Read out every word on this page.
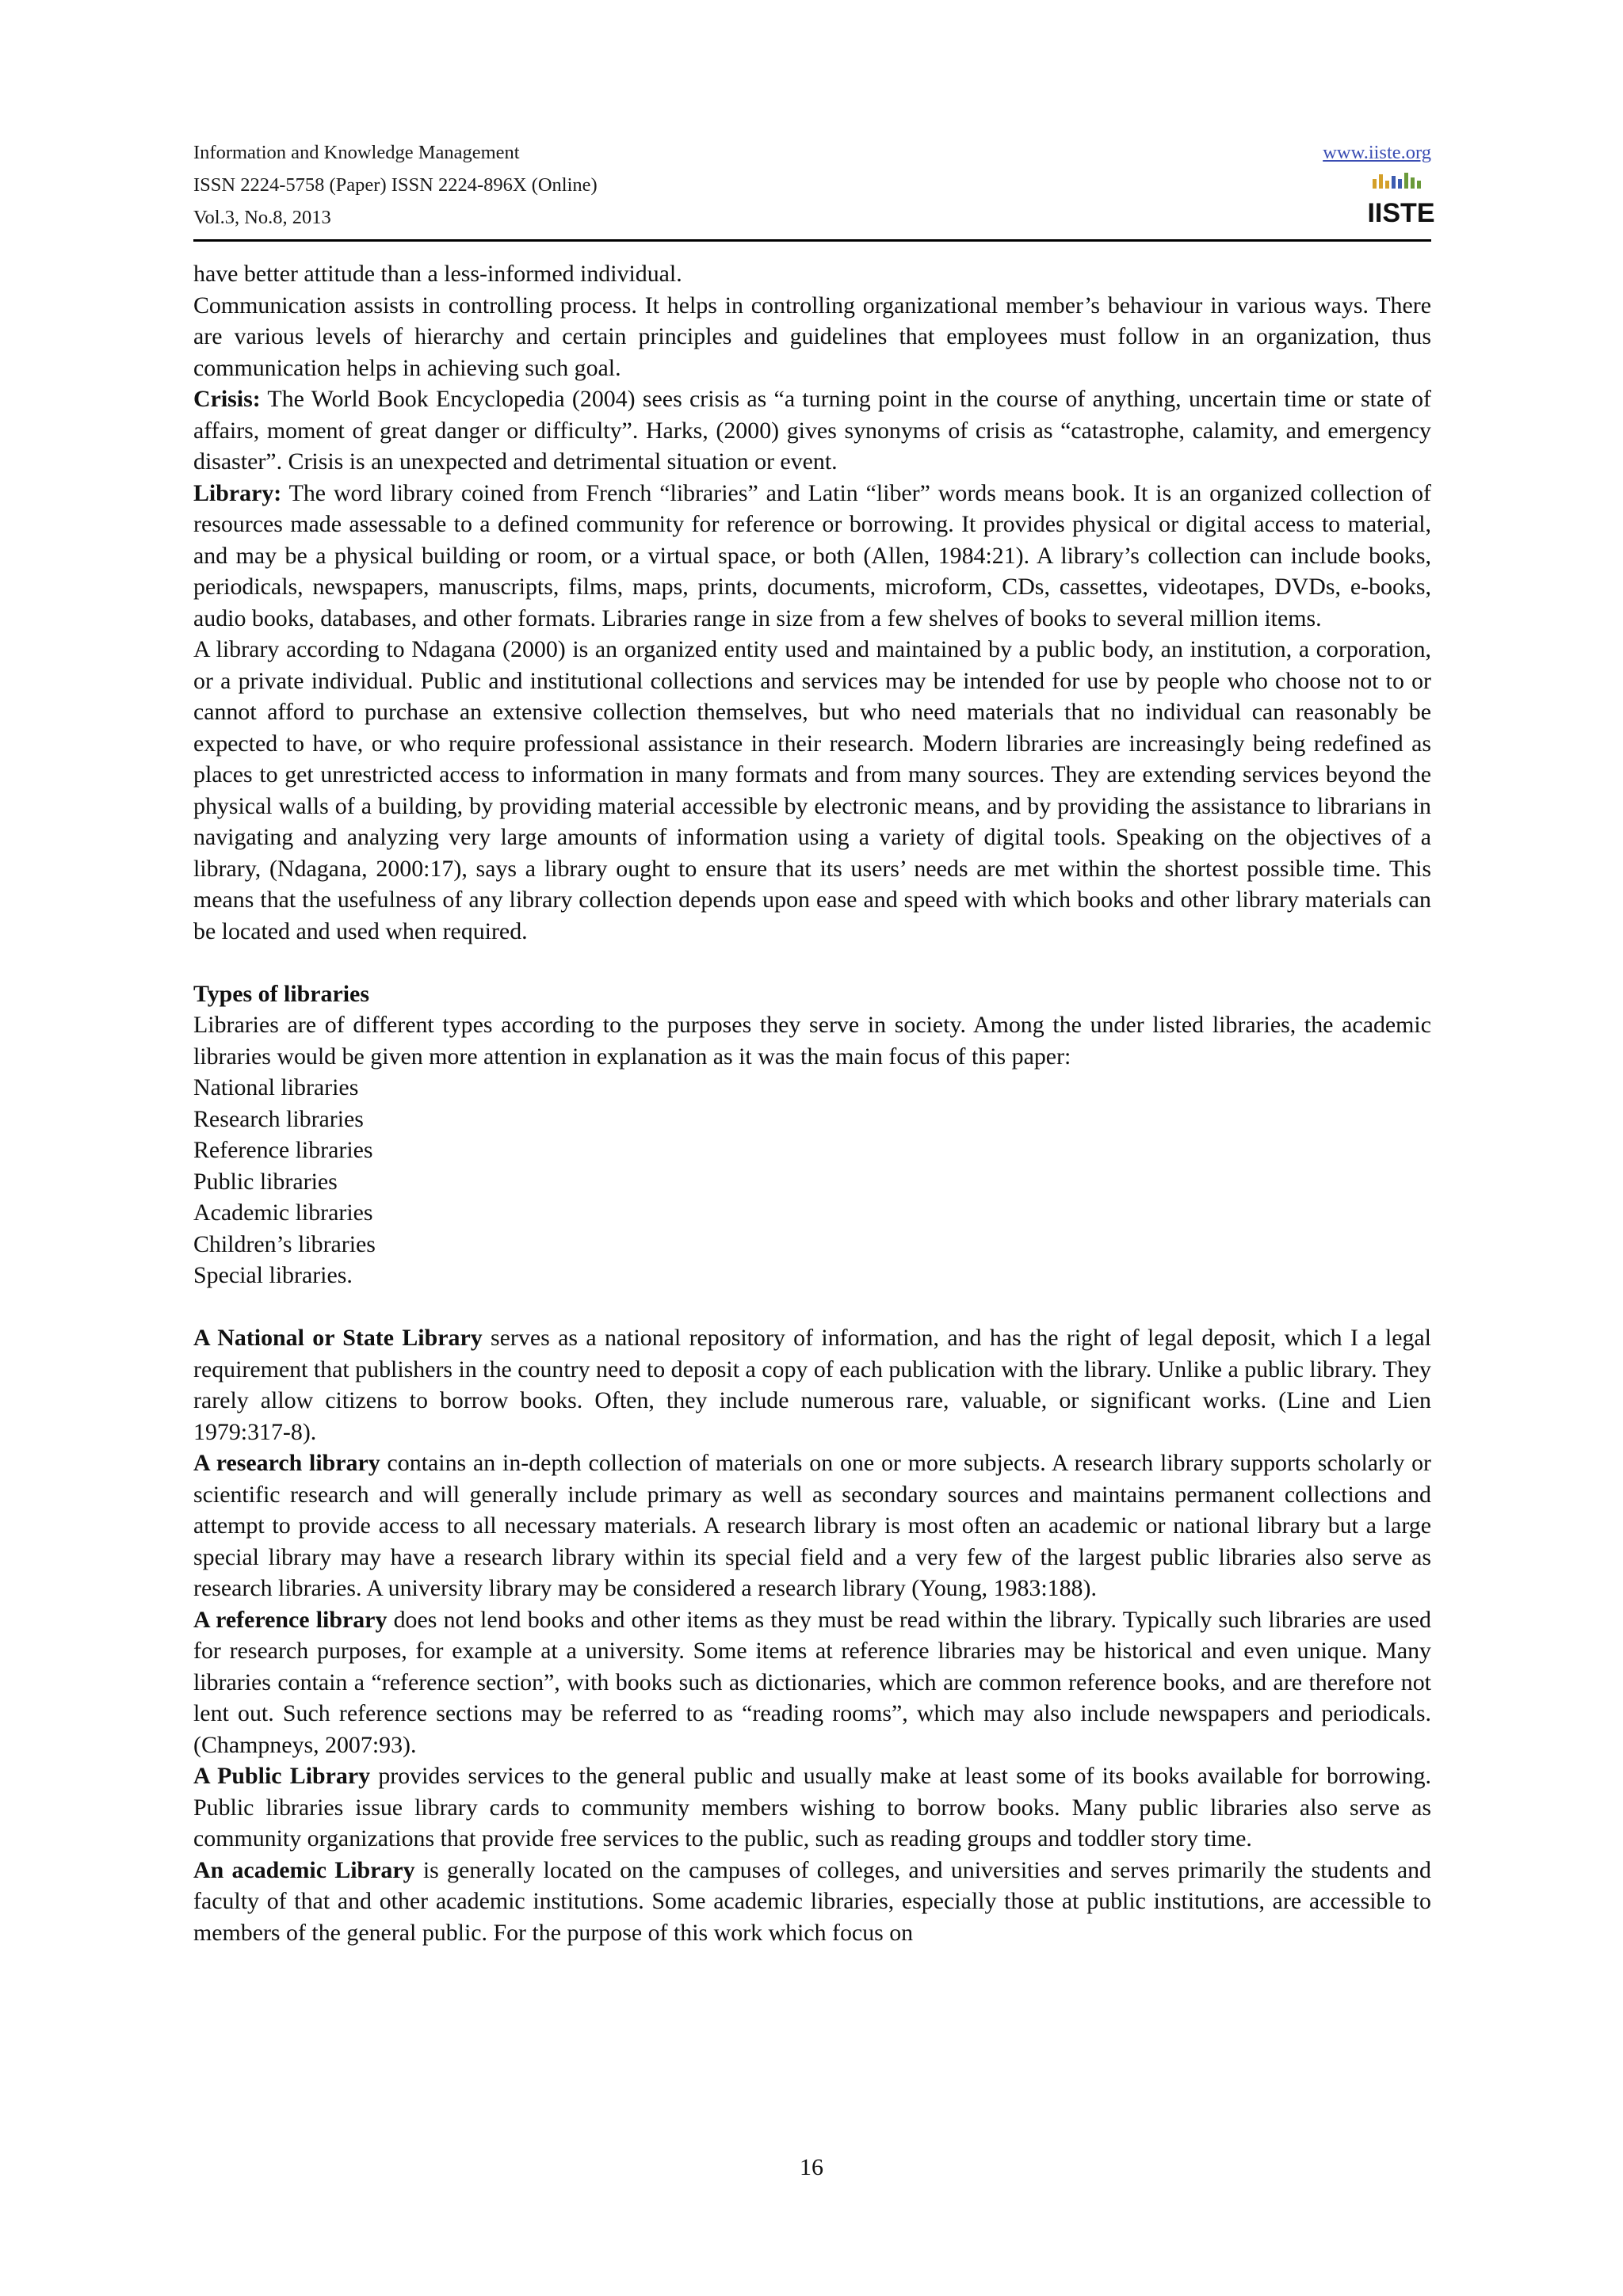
Information and Knowledge Management
ISSN 2224-5758 (Paper) ISSN 2224-896X (Online)
Vol.3, No.8, 2013
www.iiste.org
IISTE

have better attitude than a less-informed individual.

Communication assists in controlling process. It helps in controlling organizational member’s behaviour in various ways. There are various levels of hierarchy and certain principles and guidelines that employees must follow in an organization, thus communication helps in achieving such goal.

Crisis: The World Book Encyclopedia (2004) sees crisis as “a turning point in the course of anything, uncertain time or state of affairs, moment of great danger or difficulty”. Harks, (2000) gives synonyms of crisis as “catastrophe, calamity, and emergency disaster”. Crisis is an unexpected and detrimental situation or event.

Library: The word library coined from French “libraries” and Latin “liber” words means book. It is an organized collection of resources made assessable to a defined community for reference or borrowing. It provides physical or digital access to material, and may be a physical building or room, or a virtual space, or both (Allen, 1984:21). A library’s collection can include books, periodicals, newspapers, manuscripts, films, maps, prints, documents, microform, CDs, cassettes, videotapes, DVDs, e-books, audio books, databases, and other formats. Libraries range in size from a few shelves of books to several million items.

A library according to Ndagana (2000) is an organized entity used and maintained by a public body, an institution, a corporation, or a private individual. Public and institutional collections and services may be intended for use by people who choose not to or cannot afford to purchase an extensive collection themselves, but who need materials that no individual can reasonably be expected to have, or who require professional assistance in their research. Modern libraries are increasingly being redefined as places to get unrestricted access to information in many formats and from many sources. They are extending services beyond the physical walls of a building, by providing material accessible by electronic means, and by providing the assistance to librarians in navigating and analyzing very large amounts of information using a variety of digital tools. Speaking on the objectives of a library, (Ndagana, 2000:17), says a library ought to ensure that its users’ needs are met within the shortest possible time. This means that the usefulness of any library collection depends upon ease and speed with which books and other library materials can be located and used when required.

Types of libraries

Libraries are of different types according to the purposes they serve in society. Among the under listed libraries, the academic libraries would be given more attention in explanation as it was the main focus of this paper:

National libraries
Research libraries
Reference libraries
Public libraries
Academic libraries
Children’s libraries
Special libraries.

A National or State Library serves as a national repository of information, and has the right of legal deposit, which I a legal requirement that publishers in the country need to deposit a copy of each publication with the library. Unlike a public library. They rarely allow citizens to borrow books. Often, they include numerous rare, valuable, or significant works. (Line and Lien 1979:317-8).

A research library contains an in-depth collection of materials on one or more subjects. A research library supports scholarly or scientific research and will generally include primary as well as secondary sources and maintains permanent collections and attempt to provide access to all necessary materials. A research library is most often an academic or national library but a large special library may have a research library within its special field and a very few of the largest public libraries also serve as research libraries. A university library may be considered a research library (Young, 1983:188).

A reference library does not lend books and other items as they must be read within the library. Typically such libraries are used for research purposes, for example at a university. Some items at reference libraries may be historical and even unique. Many libraries contain a “reference section”, with books such as dictionaries, which are common reference books, and are therefore not lent out. Such reference sections may be referred to as “reading rooms”, which may also include newspapers and periodicals. (Champneys, 2007:93).

A Public Library provides services to the general public and usually make at least some of its books available for borrowing. Public libraries issue library cards to community members wishing to borrow books. Many public libraries also serve as community organizations that provide free services to the public, such as reading groups and toddler story time.

An academic Library is generally located on the campuses of colleges, and universities and serves primarily the students and faculty of that and other academic institutions. Some academic libraries, especially those at public institutions, are accessible to members of the general public. For the purpose of this work which focus on

16
